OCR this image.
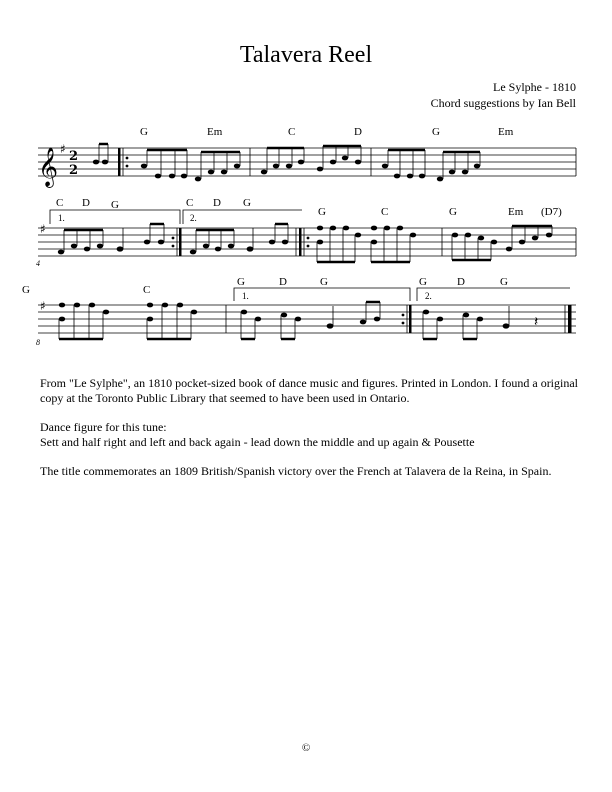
Talavera Reel
Le Sylphe - 1810
Chord suggestions by Ian Bell
𝄞 ♯ 2
2
G	Em	C	D	G	Em
♯
4
1.	2.
C D G	C D G
G	C	G	Em (D7)
♯
8
1.	2.
𝄽
G	C
G	D	G	G	D	G

From "Le Sylphe", an 1810 pocket-sized book of dance music and figures. Printed in London. I found a original copy at the Toronto Public Library that seemed to have been used in Ontario.

Dance figure for this tune:
Sett and half right and left and back again - lead down the middle and up again & Pousette

The title commemorates an 1809 British/Spanish victory over the French at Talavera de la Reina, in Spain.

©
